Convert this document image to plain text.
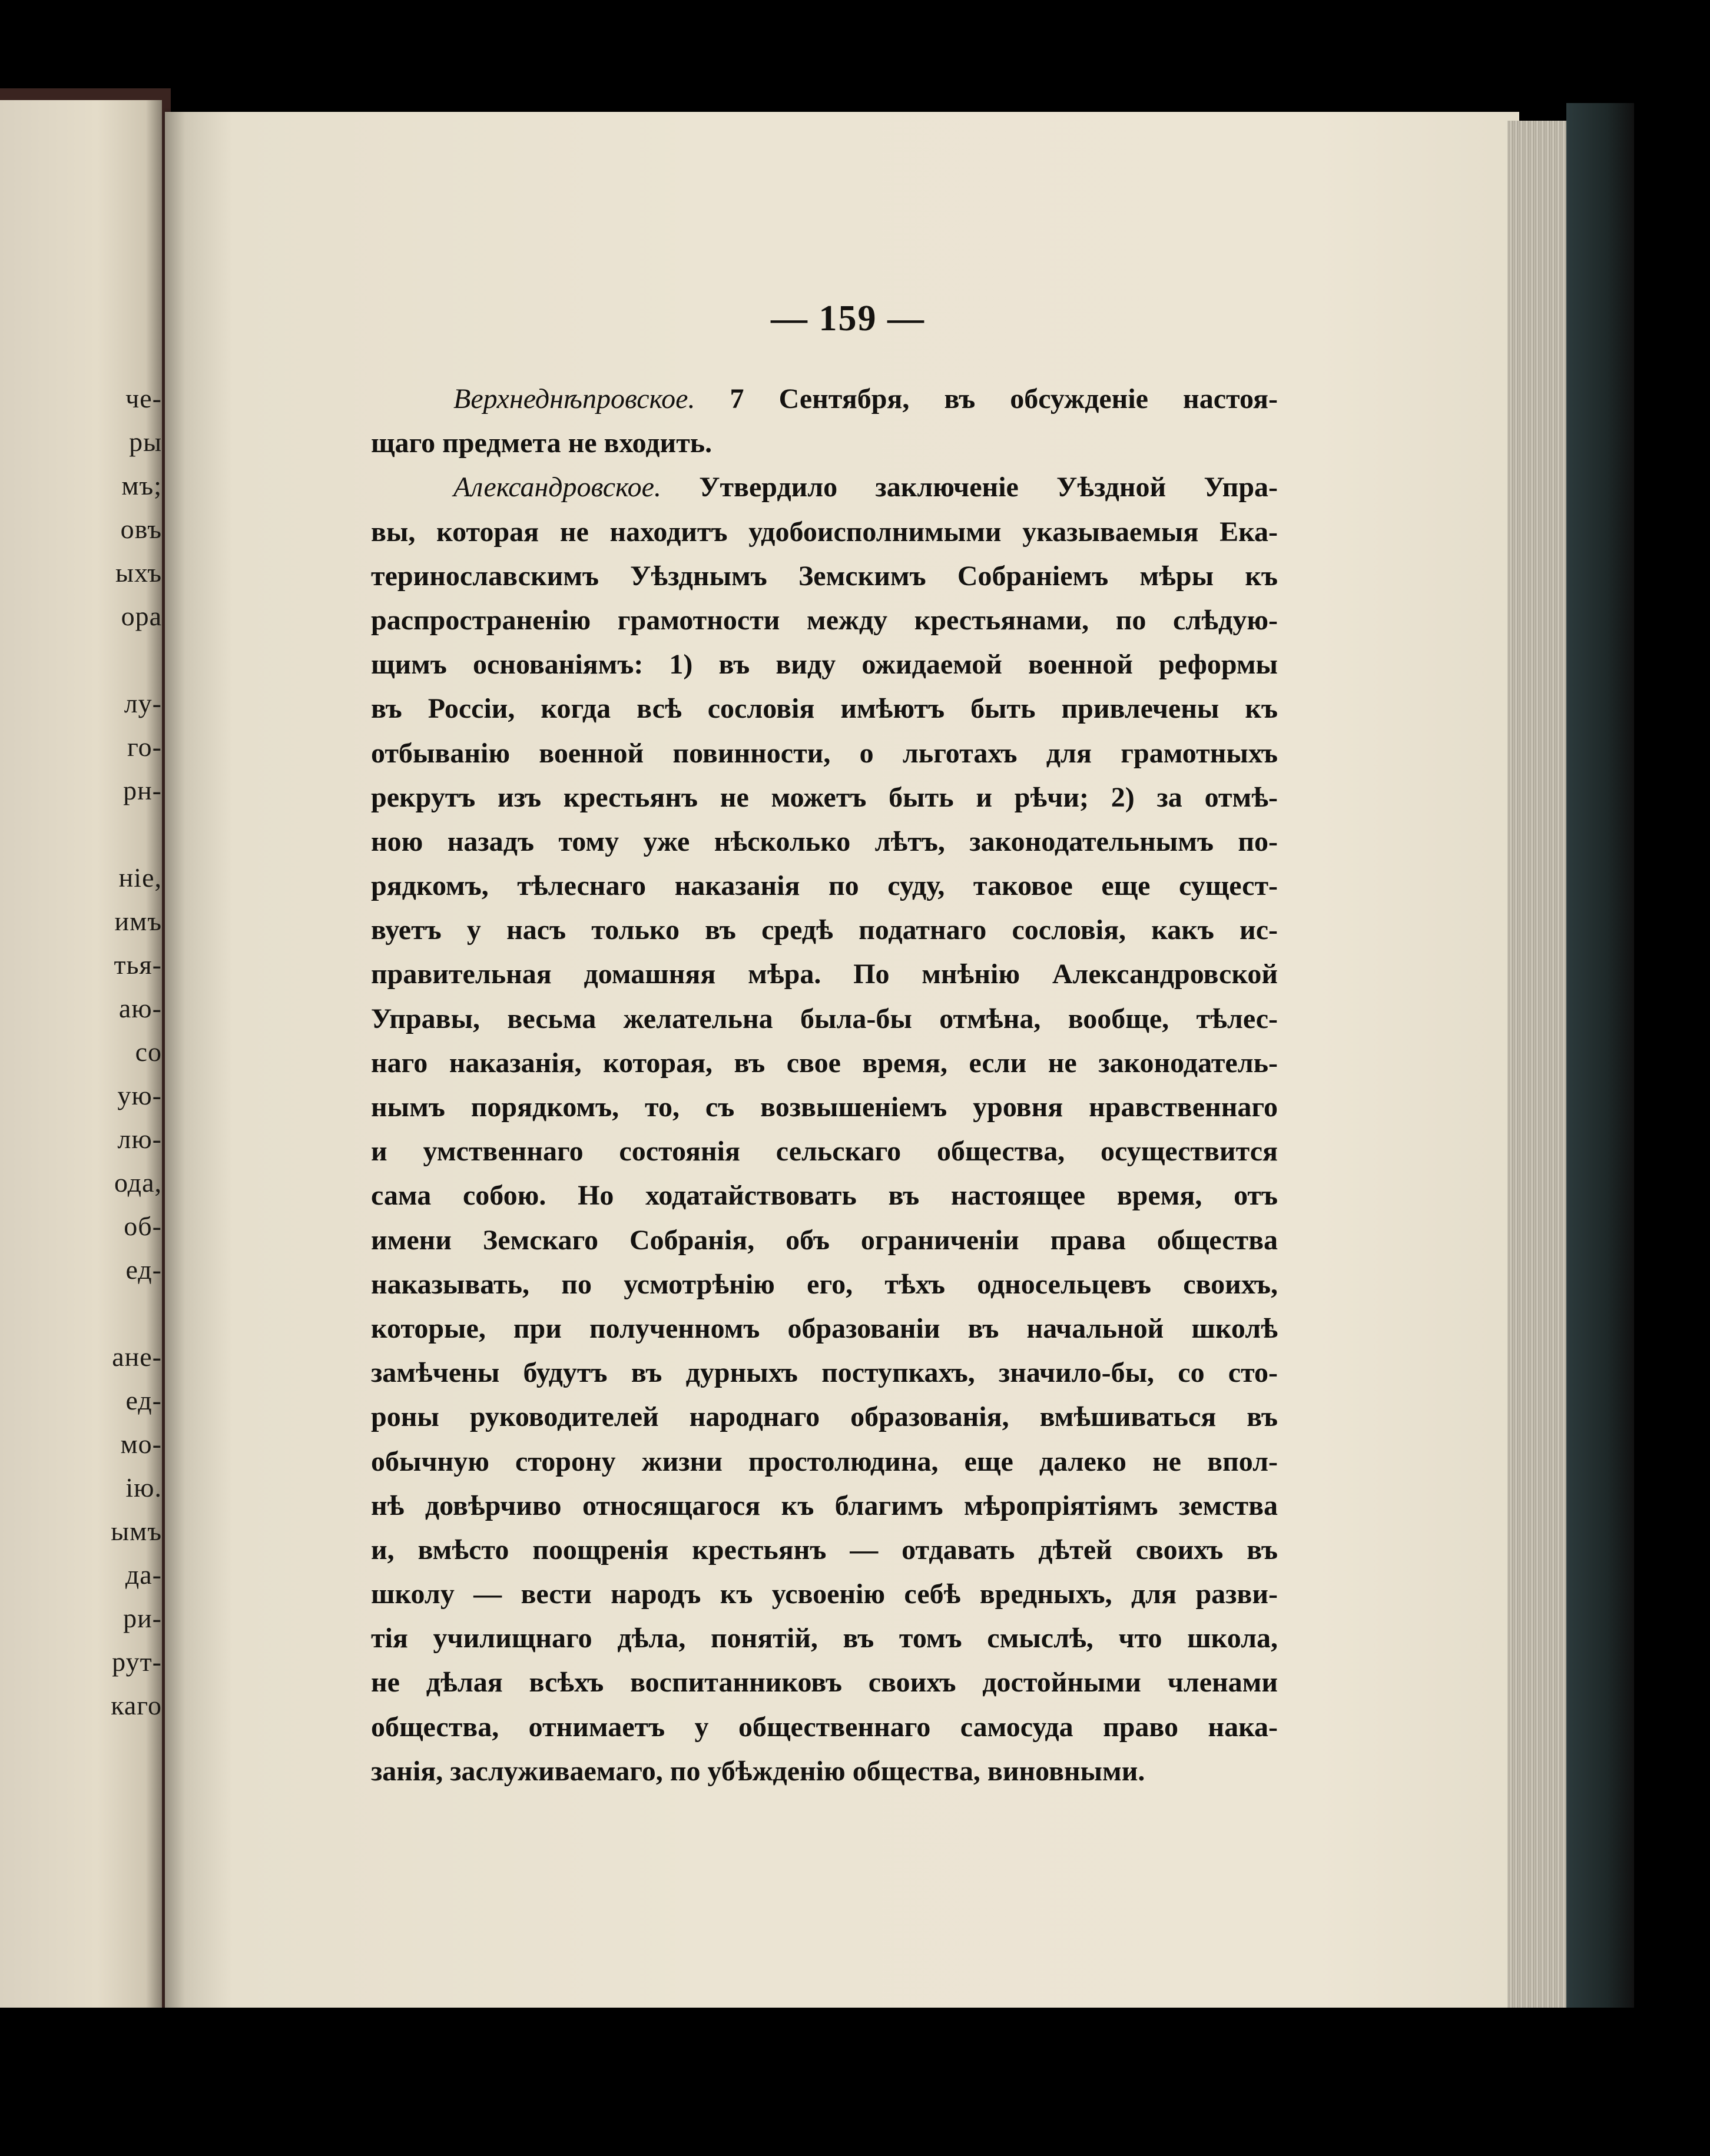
че-
ры
мъ;
овъ
ыхъ
ора
лу-
го-
рн-
ніе,
имъ
тья-
аю-
со
ую-
лю-
ода,
об-
ед-
ане-
ед-
мо-
ію.
ымъ
да-
ри-
рут-
каго
— 159 —
Верхнеднѣпровское. 7 Сентября, въ обсужденіе настоя-
щаго предмета не входить.
Александровское. Утвердило заключеніе Уѣздной Упра-
вы, которая не находитъ удобоисполнимыми указываемыя Ека-
теринославскимъ Уѣзднымъ Земскимъ Собраніемъ мѣры къ
распространенію грамотности между крестьянами, по слѣдую-
щимъ основаніямъ: 1) въ виду ожидаемой военной реформы
въ Россіи, когда всѣ сословія имѣютъ быть привлечены къ
отбыванію военной повинности, о льготахъ для грамотныхъ
рекрутъ изъ крестьянъ не можетъ быть и рѣчи; 2) за отмѣ-
ною назадъ тому уже нѣсколько лѣтъ, законодательнымъ по-
рядкомъ, тѣлеснаго наказанія по суду, таковое еще сущест-
вуетъ у насъ только въ средѣ податнаго сословія, какъ ис-
правительная домашняя мѣра. По мнѣнію Александровской
Управы, весьма желательна была-бы отмѣна, вообще, тѣлес-
наго наказанія, которая, въ свое время, если не законодатель-
нымъ порядкомъ, то, съ возвышеніемъ уровня нравственнаго
и умственнаго состоянія сельскаго общества, осуществится
сама собою. Но ходатайствовать въ настоящее время, отъ
имени Земскаго Собранія, объ ограниченіи права общества
наказывать, по усмотрѣнію его, тѣхъ односельцевъ своихъ,
которые, при полученномъ образованіи въ начальной школѣ
замѣчены будутъ въ дурныхъ поступкахъ, значило-бы, со сто-
роны руководителей народнаго образованія, вмѣшиваться въ
обычную сторону жизни простолюдина, еще далеко не впол-
нѣ довѣрчиво относящагося къ благимъ мѣропріятіямъ земства
и, вмѣсто поощренія крестьянъ — отдавать дѣтей своихъ въ
школу — вести народъ къ усвоенію себѣ вредныхъ, для разви-
тія училищнаго дѣла, понятій, въ томъ смыслѣ, что школа,
не дѣлая всѣхъ воспитанниковъ своихъ достойными членами
общества, отнимаетъ у общественнаго самосуда право нака-
занія, заслуживаемаго, по убѣжденію общества, виновными.
